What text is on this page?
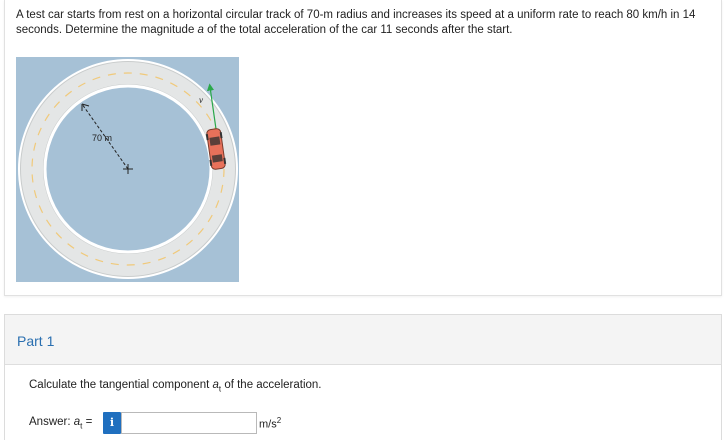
A test car starts from rest on a horizontal circular track of 70-m radius and increases its speed at a uniform rate to reach 80 km/h in 14 seconds. Determine the magnitude a of the total acceleration of the car 11 seconds after the start.
70 m
v
Part 1
Calculate the tangential component $a_t$ of the acceleration.
Answer: $a_t$ =	i	$m/s^2$
